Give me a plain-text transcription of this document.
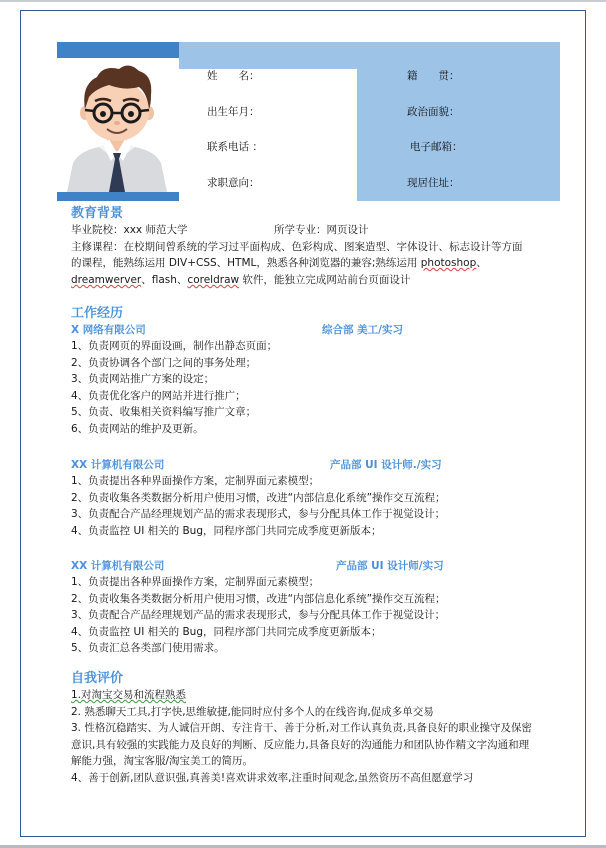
姓　　名：
出生年月：
联系电话 ：
求职意向：
籍　　贯：
政治面貌：
电子邮箱：
现居住址：
教育背景
毕业院校：xxx 师范大学	所学专业：网页设计
主修课程：在校期间曾系统的学习过平面构成、色彩构成、图案造型、字体设计、标志设计等方面
的课程，能熟练运用 DIV+CSS、HTML，熟悉各种浏览器的兼容;熟练运用 photoshop、
dreamwerver、flash、coreldraw 软件，能独立完成网站前台页面设计
工作经历
X 网络有限公司	综合部 美工/实习
1、负责网页的界面设画，制作出静态页面；
2、负责协调各个部门之间的事务处理；
3、负责网站推广方案的设定；
4、负责优化客户的网站并进行推广；
5、负责、收集相关资料编写推广文章；
6、负责网站的维护及更新。
XX 计算机有限公司	产品部 UI 设计师./实习
1、负责提出各种界面操作方案，定制界面元素模型；
2、负责收集各类数据分析用户使用习惯，改进“内部信息化系统”操作交互流程；
3、负责配合产品经理规划产品的需求表现形式，参与分配具体工作于视觉设计；
4、负责监控 UI 相关的 Bug，同程序部门共同完成季度更新版本；
XX 计算机有限公司	产品部 UI 设计师/实习
1、负责提出各种界面操作方案，定制界面元素模型；
2、负责收集各类数据分析用户使用习惯，改进“内部信息化系统”操作交互流程；
3、负责配合产品经理规划产品的需求表现形式，参与分配具体工作于视觉设计；
4、负责监控 UI 相关的 Bug，同程序部门共同完成季度更新版本；
5、负责汇总各类部门使用需求。
自我评价
1.对淘宝交易和流程熟悉
2. 熟悉聊天工具,打字快,思维敏捷,能同时应付多个人的在线咨询,促成多单交易
3. 性格沉稳踏实、为人诚信开朗、专注肯干、善于分析,对工作认真负责,具备良好的职业操守及保密
意识,具有较强的实践能力及良好的判断、反应能力,具备良好的沟通能力和团队协作精文字沟通和理
解能力强，淘宝客服/淘宝美工的简历。
4、善于创新,团队意识强,真善美!喜欢讲求效率,注重时间观念,虽然资历不高但愿意学习
